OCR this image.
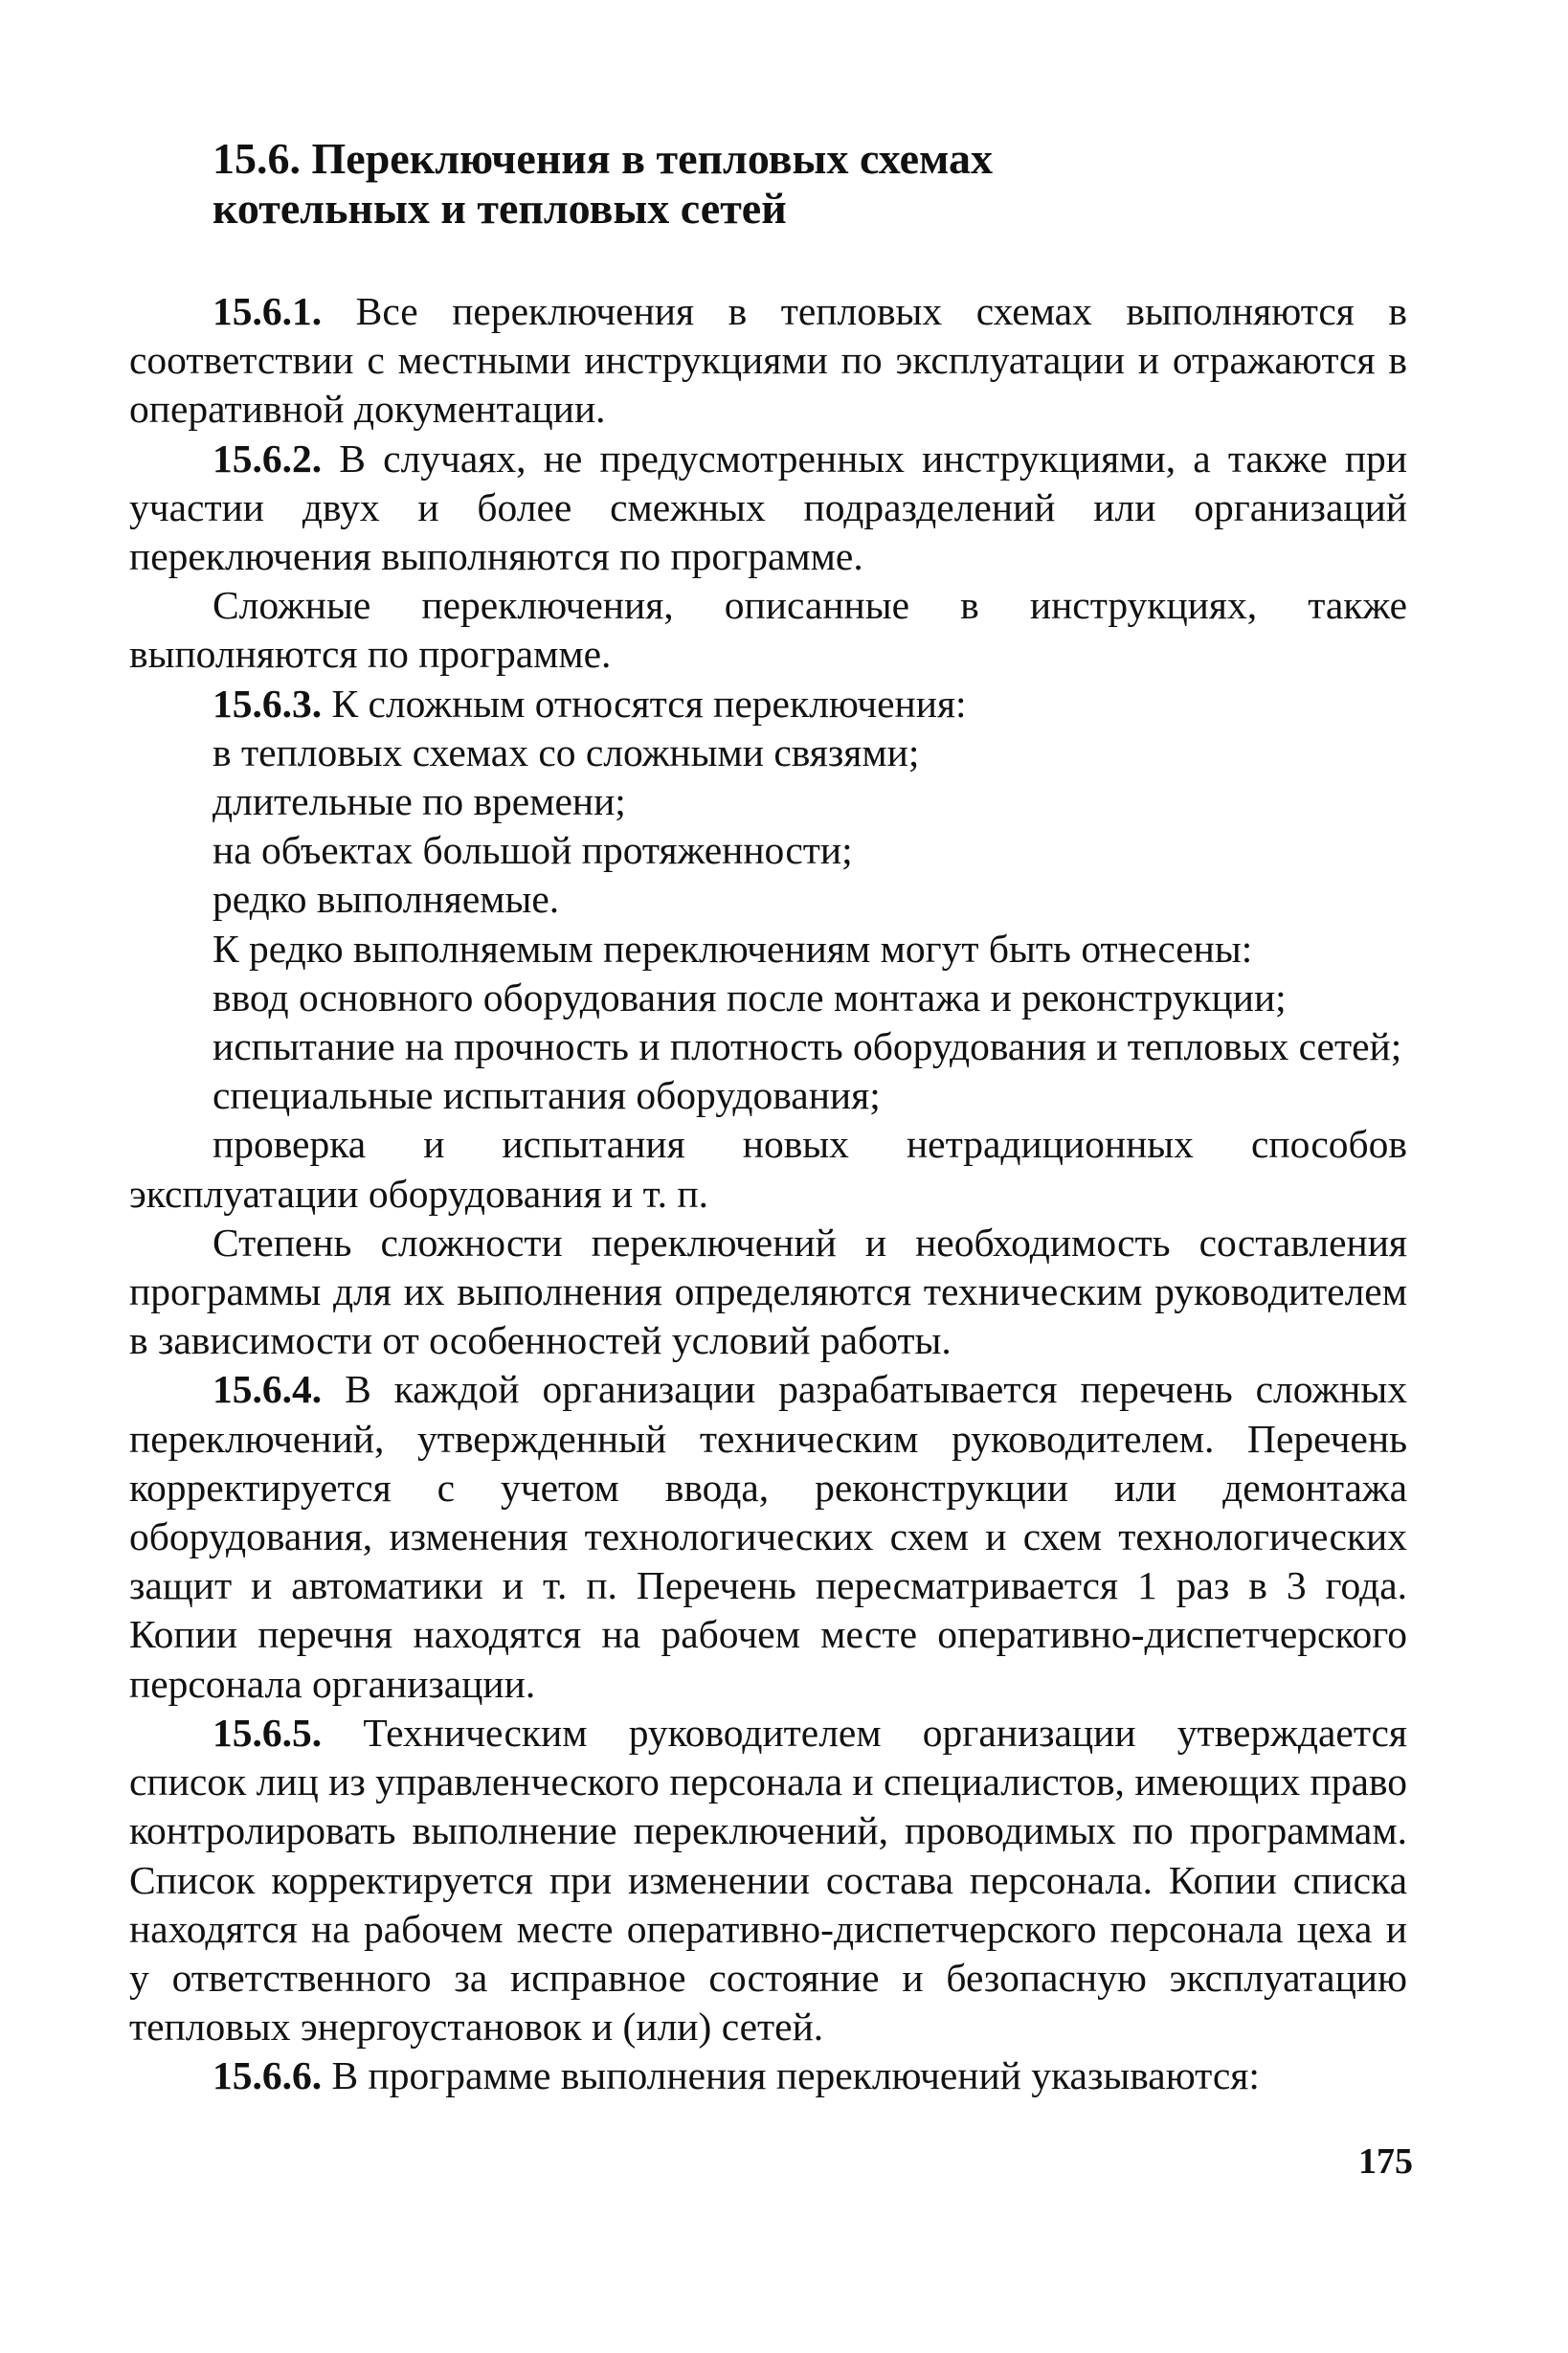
15.6. Переключения в тепловых схемах
котельных и тепловых сетей

15.6.1. Все переключения в тепловых схемах выполняются в соответствии с местными инструкциями по эксплуатации и отражаются в оперативной документации.

15.6.2. В случаях, не предусмотренных инструкциями, а также при участии двух и более смежных подразделений или организаций переключения выполняются по программе.

Сложные переключения, описанные в инструкциях, также выполняются по программе.

15.6.3. К сложным относятся переключения:

в тепловых схемах со сложными связями;

длительные по времени;

на объектах большой протяженности;

редко выполняемые.

К редко выполняемым переключениям могут быть отнесены:

ввод основного оборудования после монтажа и реконструкции;

испытание на прочность и плотность оборудования и тепловых сетей;

специальные испытания оборудования;

проверка и испытания новых нетрадиционных способов эксплуатации оборудования и т. п.

Степень сложности переключений и необходимость составления программы для их выполнения определяются техническим руководителем в зависимости от особенностей условий работы.

15.6.4. В каждой организации разрабатывается перечень сложных переключений, утвержденный техническим руководителем. Перечень корректируется с учетом ввода, реконструкции или демонтажа оборудования, изменения технологических схем и схем технологических защит и автоматики и т. п. Перечень пересматривается 1 раз в 3 года. Копии перечня находятся на рабочем месте оперативно-диспетчерского персонала организации.

15.6.5. Техническим руководителем организации утверждается список лиц из управленческого персонала и специалистов, имеющих право контролировать выполнение переключений, проводимых по программам. Список корректируется при изменении состава персонала. Копии списка находятся на рабочем месте оперативно-диспетчерского персонала цеха и у ответственного за исправное состояние и безопасную эксплуатацию тепловых энергоустановок и (или) сетей.

15.6.6. В программе выполнения переключений указываются:

175
